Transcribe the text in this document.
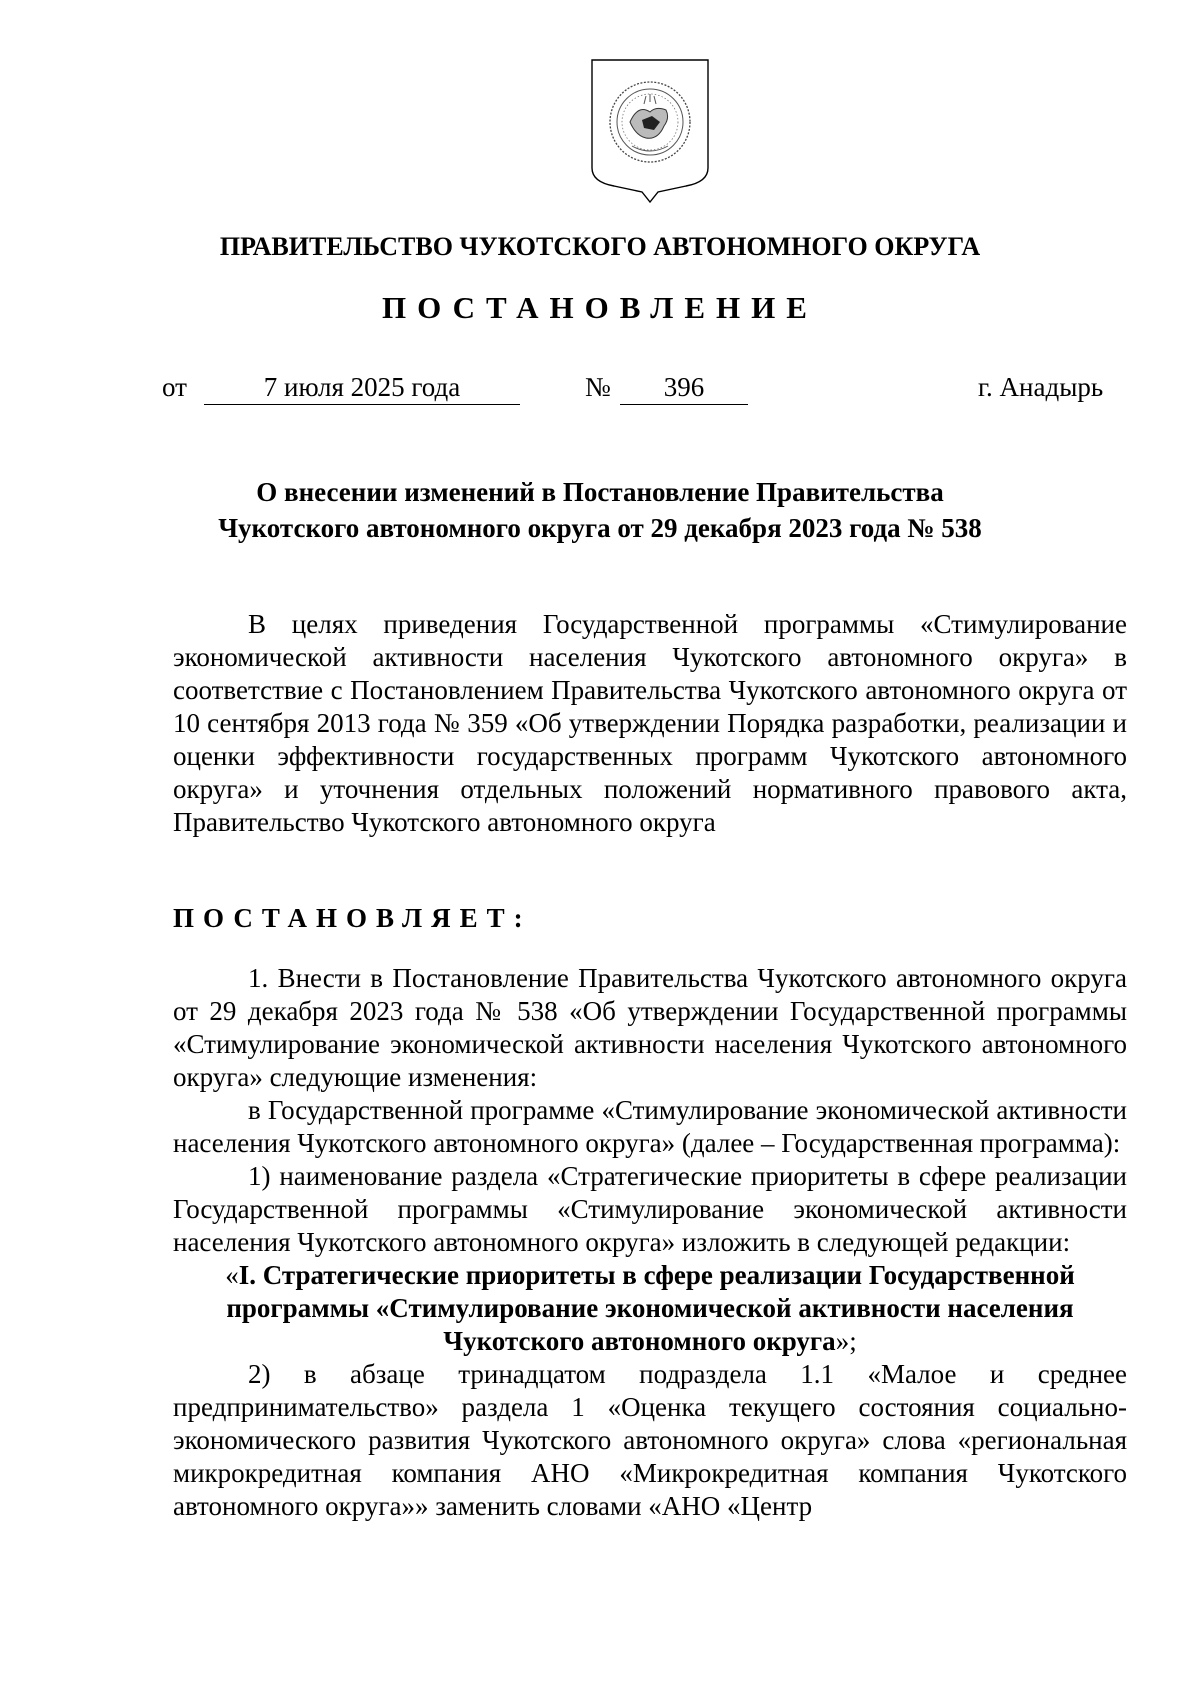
ПРАВИТЕЛЬСТВО ЧУКОТСКОГО АВТОНОМНОГО ОКРУГА
ПОСТАНОВЛЕНИЕ
от	7 июля 2025 года	№	396	г. Анадырь
О внесении изменений в Постановление Правительства
Чукотского автономного округа от 29 декабря 2023 года № 538

В целях приведения Государственной программы «Стимулирование экономической активности населения Чукотского автономного округа» в соответствие с Постановлением Правительства Чукотского автономного округа от 10 сентября 2013 года № 359 «Об утверждении Порядка разработки, реализации и оценки эффективности государственных программ Чукотского автономного округа» и уточнения отдельных положений нормативного правового акта, Правительство Чукотского автономного округа

ПОСТАНОВЛЯЕТ:

1. Внести в Постановление Правительства Чукотского автономного округа от 29 декабря 2023 года № 538 «Об утверждении Государственной программы «Стимулирование экономической активности населения Чукотского автономного округа» следующие изменения:

в Государственной программе «Стимулирование экономической активности населения Чукотского автономного округа» (далее – Государственная программа):

1) наименование раздела «Стратегические приоритеты в сфере реализации Государственной программы «Стимулирование экономической активности населения Чукотского автономного округа» изложить в следующей редакции:

«I. Стратегические приоритеты в сфере реализации Государственной программы «Стимулирование экономической активности населения Чукотского автономного округа»;

2) в абзаце тринадцатом подраздела 1.1 «Малое и среднее предпринимательство» раздела 1 «Оценка текущего состояния социально-экономического развития Чукотского автономного округа» слова «региональная микрокредитная компания АНО «Микрокредитная компания Чукотского автономного округа»» заменить словами «АНО «Центр
